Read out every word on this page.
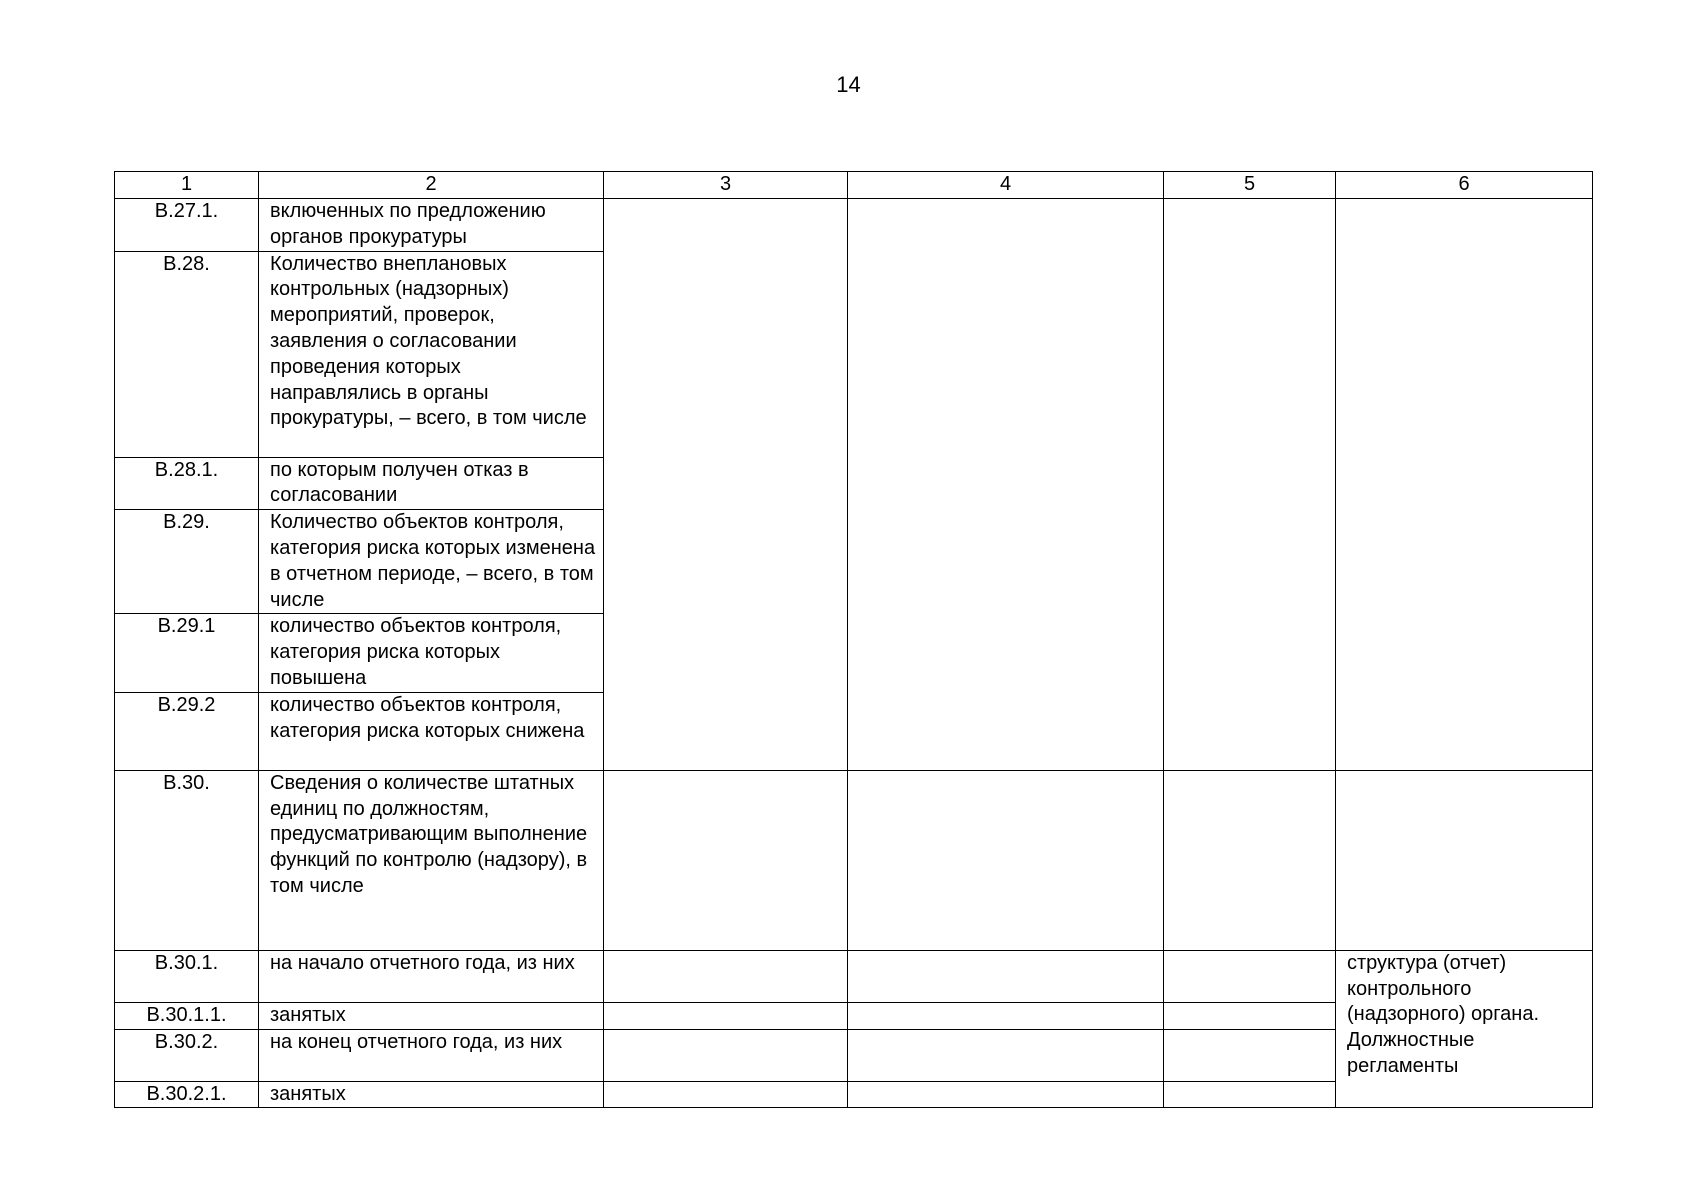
14
1	2	3	4	5	6
В.27.1.	включенных по предложению органов прокуратуры				
В.28.	Количество внеплановых контрольных (надзорных) мероприятий, проверок, заявления о согласовании проведения которых направлялись в органы прокуратуры, – всего, в том числе				
В.28.1.	по которым получен отказ в согласовании				
В.29.	Количество объектов контроля, категория риска которых изменена в отчетном периоде, – всего, в том числе				
В.29.1	количество объектов контроля, категория риска которых повышена				
В.29.2	количество объектов контроля, категория риска которых снижена				
В.30.	Сведения о количестве штатных единиц по должностям, предусматривающим выполнение функций по контролю (надзору), в том числе				
В.30.1.	на начало отчетного года, из них				структура (отчет) контрольного (надзорного) органа. Должностные регламенты
В.30.1.1.	занятых				
В.30.2.	на конец отчетного года, из них				
В.30.2.1.	занятых				
